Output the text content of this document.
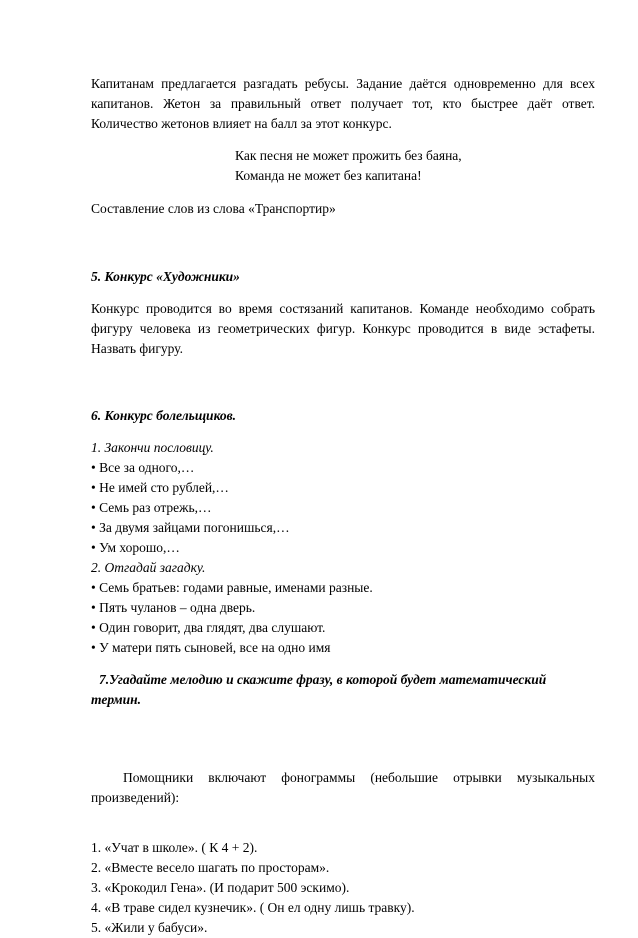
Капитанам предлагается разгадать ребусы. Задание даётся одновременно для всех капитанов. Жетон за правильный ответ получает тот, кто быстрее даёт ответ. Количество жетонов влияет на балл за этот конкурс.

Как песня не может прожить без баяна,

Команда не может без капитана!

Составление слов из слова «Транспортир»

5. Конкурс «Художники»

Конкурс проводится во время состязаний капитанов. Команде необходимо собрать фигуру человека из геометрических фигур. Конкурс проводится в виде эстафеты. Назвать фигуру.

6. Конкурс болельщиков.

1. Закончи пословицу.

• Все за одного,…
• Не имей сто рублей,…
• Семь раз отрежь,…
• За двумя зайцами погонишься,…
• Ум хорошо,…

2. Отгадай загадку.

• Семь братьев: годами равные, именами разные.
• Пять чуланов – одна дверь.
• Один говорит, два глядят, два слушают.
• У матери пять сыновей, все на одно имя

7.Угадайте мелодию и скажите фразу, в которой будет математический термин.

Помощники включают фонограммы (небольшие отрывки музыкальных произведений):

1. «Учат в школе». ( К 4 + 2).
2. «Вместе весело шагать по просторам».
3. «Крокодил Гена». (И подарит 500 эскимо).
4. «В траве сидел кузнечик». ( Он ел одну лишь травку).
5. «Жили у бабуси».
